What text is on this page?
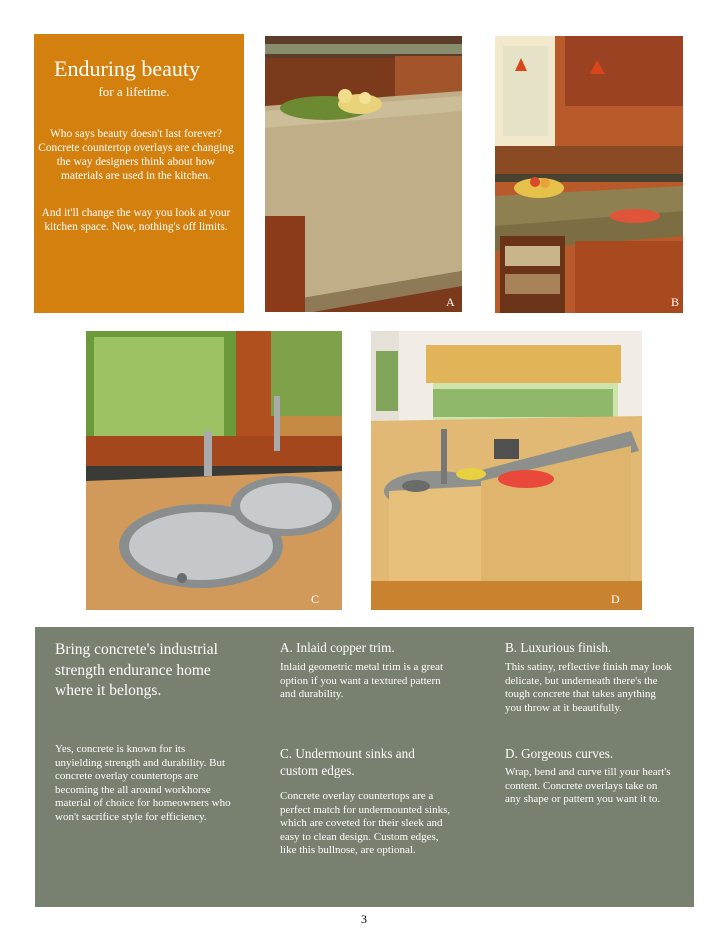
Enduring beauty
for a lifetime.
Who says beauty doesn't last forever? Concrete countertop overlays are changing the way designers think about how materials are used in the kitchen.
And it'll change the way you look at your kitchen space. Now, nothing's off limits.
A	B
C	D
Bring concrete's industrial strength endurance home where it belongs.
Yes, concrete is known for its unyielding strength and durability. But concrete overlay countertops are becoming the all around workhorse material of choice for homeowners who won't sacrifice style for efficiency.
A. Inlaid copper trim.
Inlaid geometric metal trim is a great option if you want a textured pattern and durability.
B. Luxurious finish.
This satiny, reflective finish may look delicate, but underneath there's the tough concrete that takes anything you throw at it beautifully.
C. Undermount sinks and custom edges.
Concrete overlay countertops are a perfect match for undermounted sinks, which are coveted for their sleek and easy to clean design. Custom edges, like this bullnose, are optional.
D. Gorgeous curves.
Wrap, bend and curve till your heart's content. Concrete overlays take on any shape or pattern you want it to.
3
